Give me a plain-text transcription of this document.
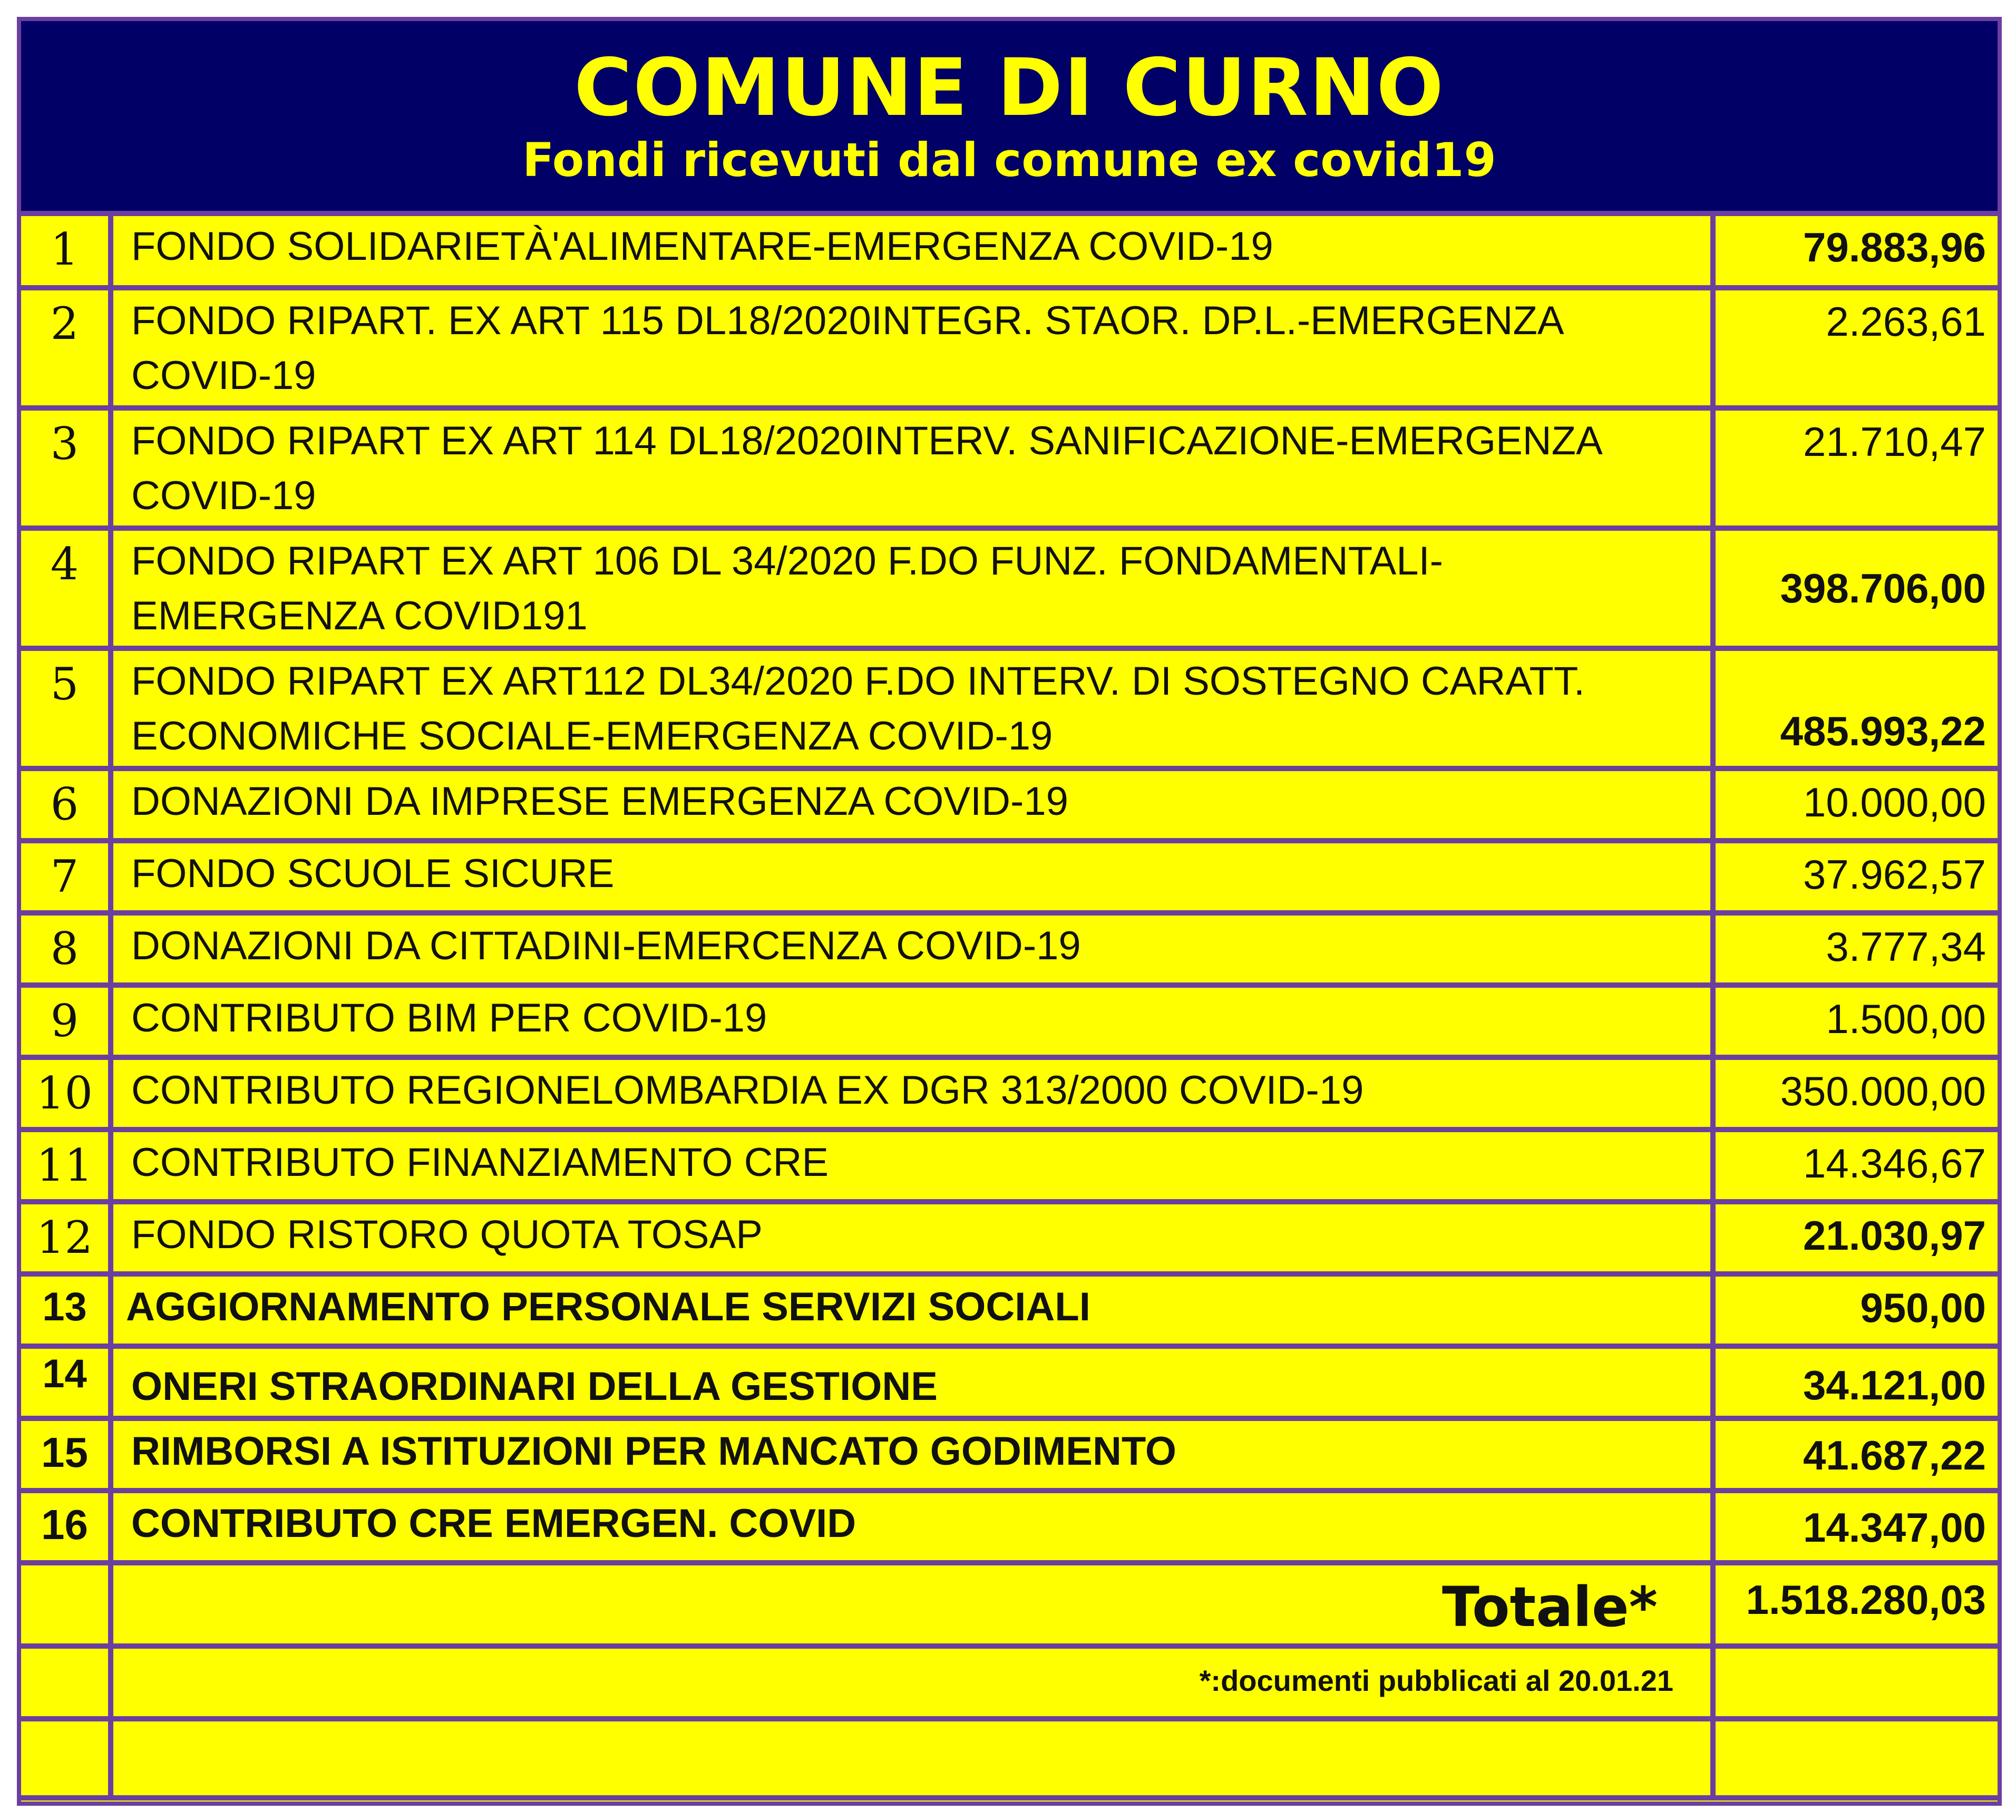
COMUNE DI CURNO
Fondi ricevuti dal comune ex covid19
1	FONDO SOLIDARIETÀ'ALIMENTARE-EMERGENZA COVID-19	79.883,96
2	FONDO RIPART. EX ART 115 DL18/2020INTEGR. STAOR. DP.L.-EMERGENZA COVID-19	2.263,61
3	FONDO RIPART EX ART 114 DL18/2020INTERV. SANIFICAZIONE-EMERGENZA COVID-19	21.710,47
4	FONDO RIPART EX ART 106 DL 34/2020 F.DO FUNZ. FONDAMENTALI-EMERGENZA COVID191	398.706,00
5	FONDO RIPART EX ART112 DL34/2020 F.DO INTERV. DI SOSTEGNO CARATT. ECONOMICHE SOCIALE-EMERGENZA COVID-19	485.993,22
6	DONAZIONI DA IMPRESE EMERGENZA COVID-19	10.000,00
7	FONDO SCUOLE SICURE	37.962,57
8	DONAZIONI DA CITTADINI-EMERCENZA COVID-19	3.777,34
9	CONTRIBUTO BIM PER COVID-19	1.500,00
10	CONTRIBUTO REGIONELOMBARDIA EX DGR 313/2000 COVID-19	350.000,00
11	CONTRIBUTO FINANZIAMENTO CRE	14.346,67
12	FONDO RISTORO QUOTA TOSAP	21.030,97
13	AGGIORNAMENTO PERSONALE SERVIZI SOCIALI	950,00
14	ONERI STRAORDINARI DELLA GESTIONE	34.121,00
15	RIMBORSI A ISTITUZIONI PER MANCATO GODIMENTO	41.687,22
16	CONTRIBUTO CRE EMERGEN. COVID	14.347,00
	Totale*	1.518.280,03
	*:documenti pubblicati al 20.01.21	
